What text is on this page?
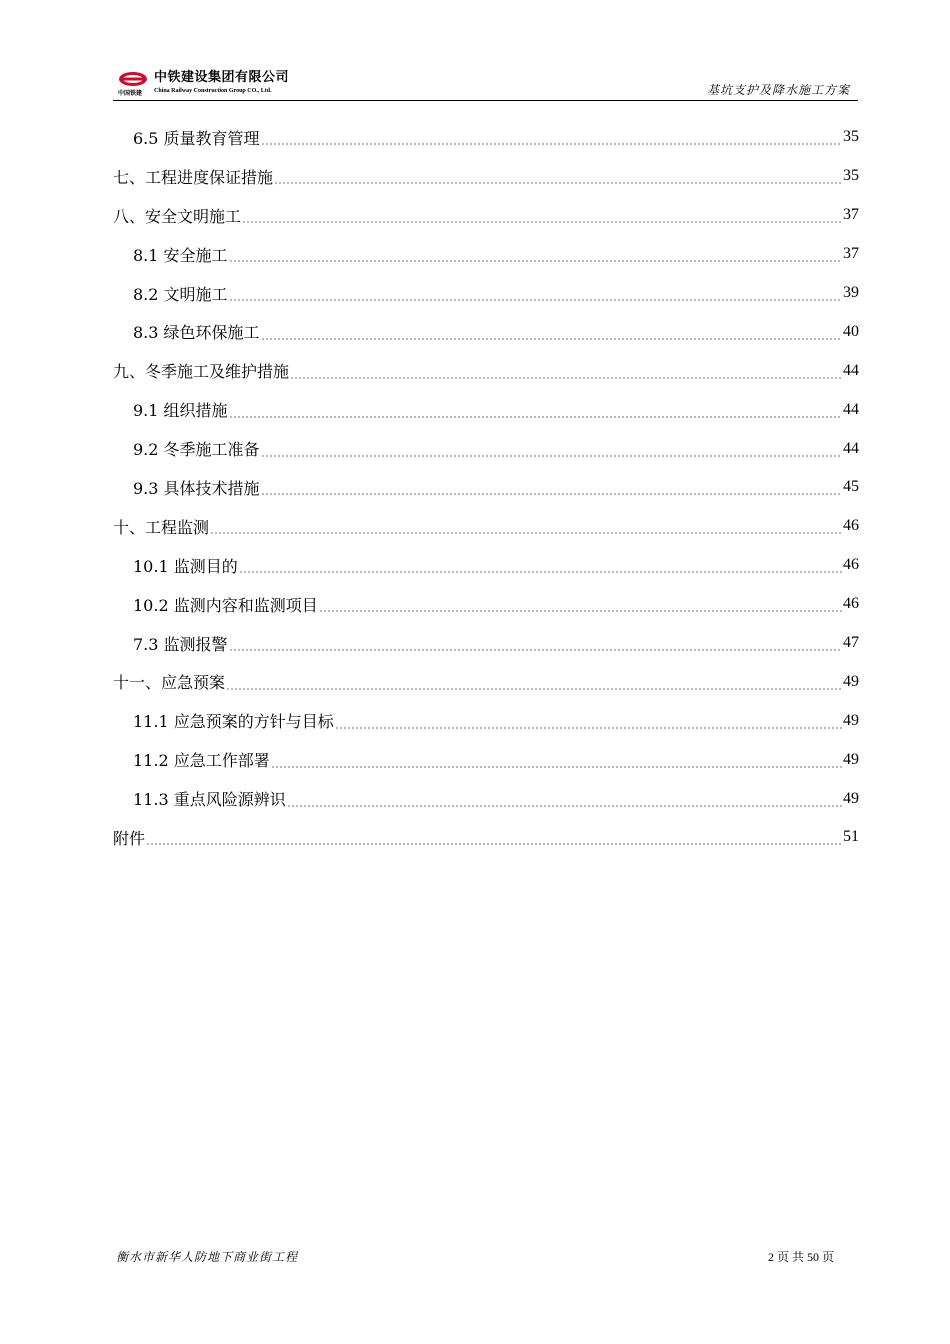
中国铁建
中铁建设集团有限公司
China Railway Construction Group CO., Ltd.	基坑支护及降水施工方案
6.5 质量教育管理	35
七、工程进度保证措施	35
八、安全文明施工	37
8.1 安全施工	37
8.2 文明施工	39
8.3 绿色环保施工	40
九、冬季施工及维护措施	44
9.1 组织措施	44
9.2 冬季施工准备	44
9.3 具体技术措施	45
十、工程监测	46
10.1 监测目的	46
10.2 监测内容和监测项目	46
7.3 监测报警	47
十一、应急预案	49
11.1 应急预案的方针与目标	49
11.2 应急工作部署	49
11.3 重点风险源辨识	49
附件	51
衡水市新华人防地下商业街工程	2 页 共 50 页
